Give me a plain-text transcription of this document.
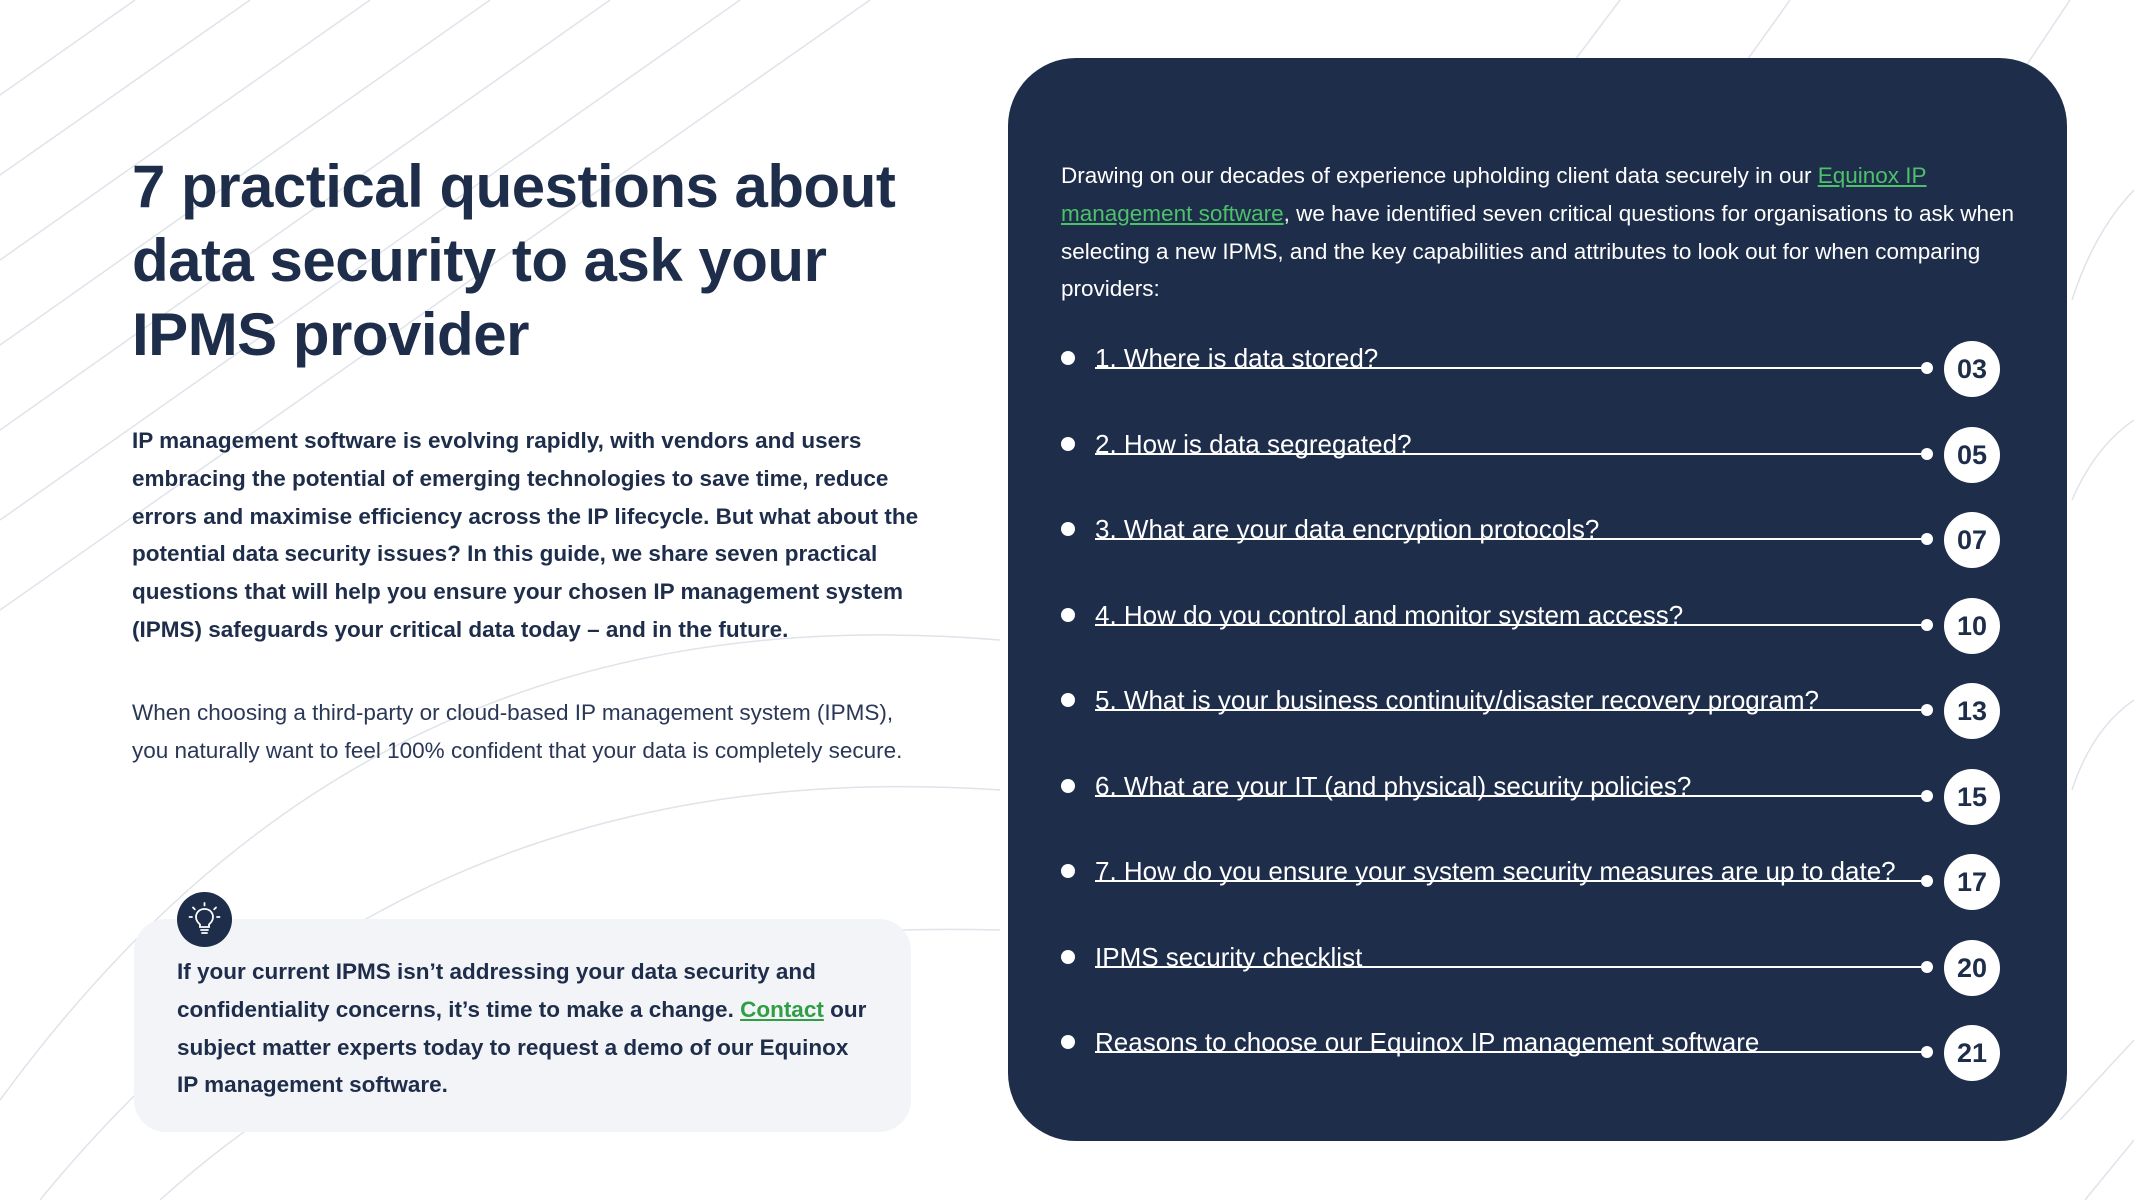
7 practical questions about data security to ask your IPMS provider

IP management software is evolving rapidly, with vendors and users embracing the potential of emerging technologies to save time, reduce errors and maximise efficiency across the IP lifecycle. But what about the potential data security issues? In this guide, we share seven practical questions that will help you ensure your chosen IP management system (IPMS) safeguards your critical data today – and in the future.

When choosing a third-party or cloud-based IP management system (IPMS), you naturally want to feel 100% confident that your data is completely secure.

If your current IPMS isn’t addressing your data security and confidentiality concerns, it’s time to make a change. Contact our subject matter experts today to request a demo of our Equinox IP management software.

Drawing on our decades of experience upholding client data securely in our Equinox IP management software, we have identified seven critical questions for organisations to ask when selecting a new IPMS, and the key capabilities and attributes to look out for when comparing providers:

1. Where is data stored?	03
2. How is data segregated?	05
3. What are your data encryption protocols?	07
4. How do you control and monitor system access?	10
5. What is your business continuity/disaster recovery program?	13
6. What are your IT (and physical) security policies?	15
7. How do you ensure your system security measures are up to date?	17
IPMS security checklist	20
Reasons to choose our Equinox IP management software	21
